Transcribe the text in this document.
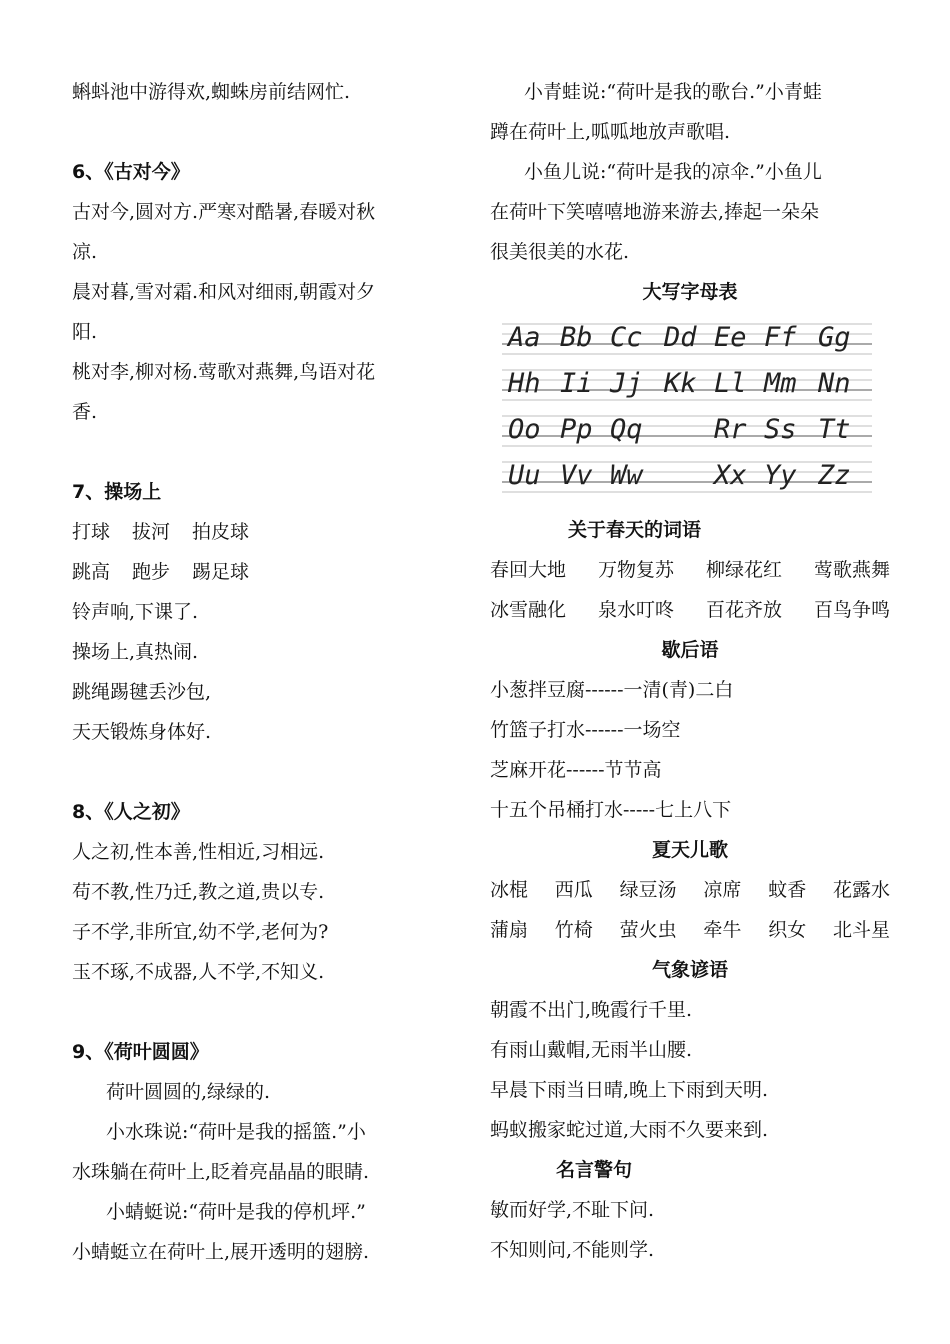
蝌蚪池中游得欢,蜘蛛房前结网忙.
6、《古对今》
古对今,圆对方.严寒对酷暑,春暖对秋
凉.
晨对暮,雪对霜.和风对细雨,朝霞对夕
阳.
桃对李,柳对杨.莺歌对燕舞,鸟语对花
香.
7、操场上
打球 拔河 拍皮球
跳高 跑步 踢足球
铃声响,下课了.
操场上,真热闹.
跳绳踢毽丢沙包,
天天锻炼身体好.
8、《人之初》
人之初,性本善,性相近,习相远.
苟不教,性乃迁,教之道,贵以专.
子不学,非所宜,幼不学,老何为?
玉不琢,不成器,人不学,不知义.
9、《荷叶圆圆》
荷叶圆圆的,绿绿的.
小水珠说:“荷叶是我的摇篮.”小
水珠躺在荷叶上,眨着亮晶晶的眼睛.
小蜻蜓说:“荷叶是我的停机坪.”
小蜻蜓立在荷叶上,展开透明的翅膀.
小青蛙说:“荷叶是我的歌台.”小青蛙
蹲在荷叶上,呱呱地放声歌唱.
小鱼儿说:“荷叶是我的凉伞.”小鱼儿
在荷叶下笑嘻嘻地游来游去,捧起一朵朵
很美很美的水花.
大写字母表
Aa Bb Cc Dd Ee Ff Gg
Hh Ii Jj Kk Ll Mm Nn
Oo Pp Qq	Rr Ss Tt
Uu Vv Ww	Xx Yy Zz
关于春天的词语
春回大地 万物复苏 柳绿花红 莺歌燕舞
冰雪融化 泉水叮咚 百花齐放 百鸟争鸣
歇后语
小葱拌豆腐------一清(青)二白
竹篮子打水------一场空
芝麻开花------节节高
十五个吊桶打水-----七上八下
夏天儿歌
冰棍 西瓜 绿豆汤 凉席 蚊香 花露水
蒲扇 竹椅 萤火虫 牵牛 织女 北斗星
气象谚语
朝霞不出门,晚霞行千里.
有雨山戴帽,无雨半山腰.
早晨下雨当日晴,晚上下雨到天明.
蚂蚁搬家蛇过道,大雨不久要来到.
名言警句
敏而好学,不耻下问.
不知则问,不能则学.
